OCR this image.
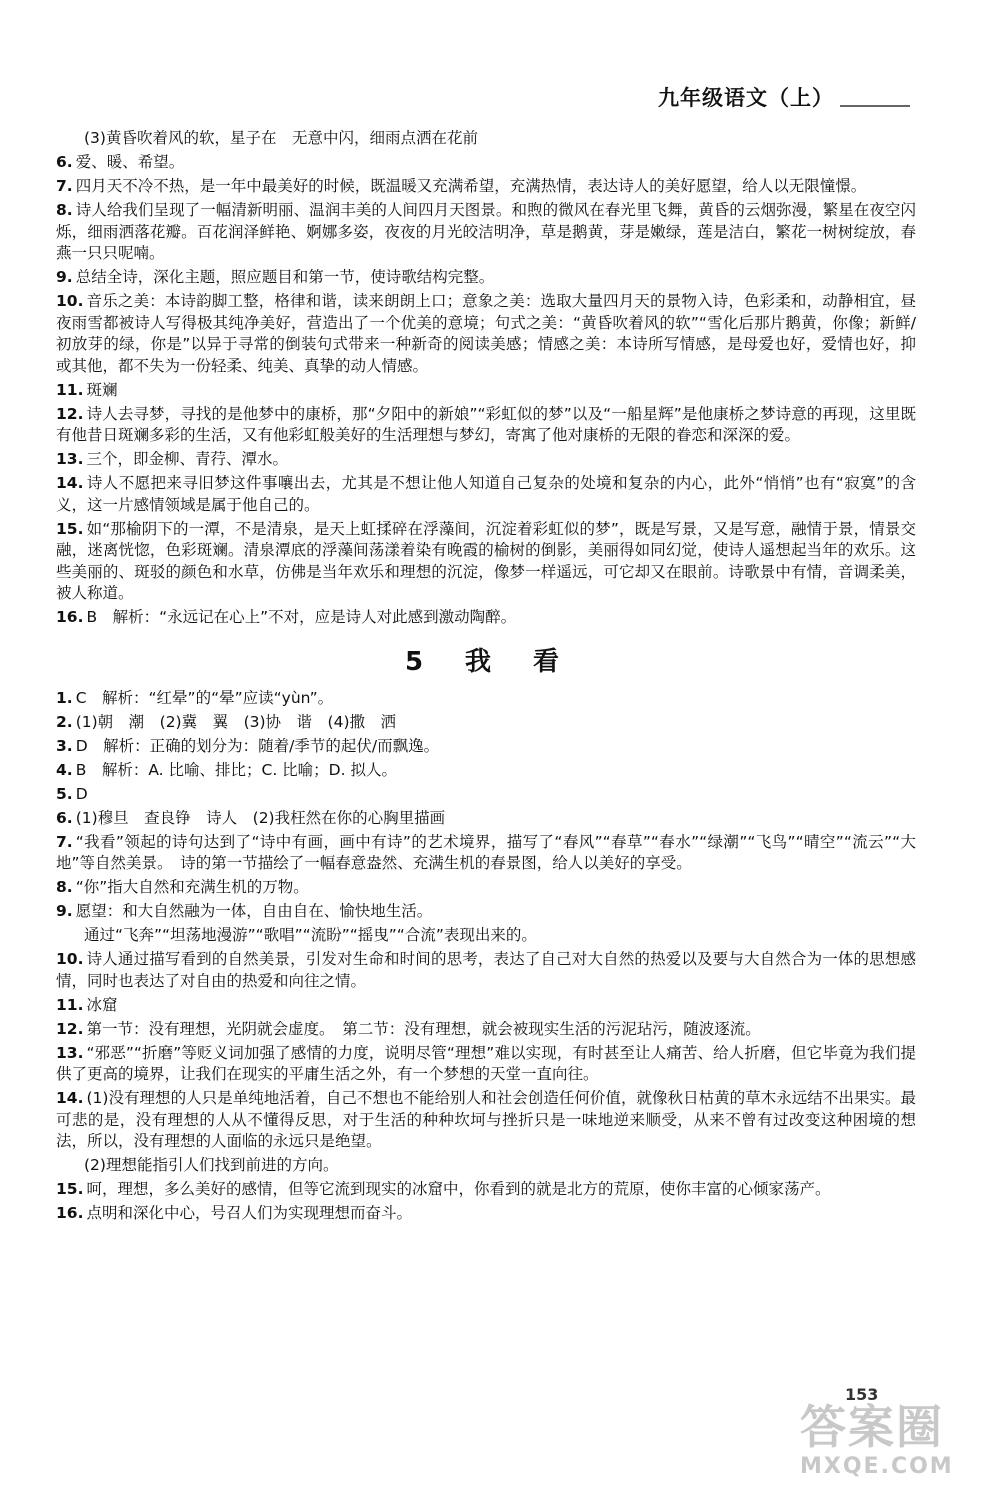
九年级语文（上）

(3)黄昏吹着风的软，星子在　无意中闪，细雨点洒在花前

6. 爱、暖、希望。

7. 四月天不冷不热，是一年中最美好的时候，既温暖又充满希望，充满热情，表达诗人的美好愿望，给人以无限憧憬。

8. 诗人给我们呈现了一幅清新明丽、温润丰美的人间四月天图景。和煦的微风在春光里飞舞，黄昏的云烟弥漫，繁星在夜空闪烁，细雨洒落花瓣。百花润泽鲜艳、婀娜多姿，夜夜的月光皎洁明净，草是鹅黄，芽是嫩绿，莲是洁白，繁花一树树绽放，春燕一只只呢喃。

9. 总结全诗，深化主题，照应题目和第一节，使诗歌结构完整。

10. 音乐之美：本诗韵脚工整，格律和谐，读来朗朗上口；意象之美：选取大量四月天的景物入诗，色彩柔和，动静相宜，昼夜雨雪都被诗人写得极其纯净美好，营造出了一个优美的意境；句式之美：“黄昏吹着风的软”“雪化后那片鹅黄，你像；新鲜/初放芽的绿，你是”以异于寻常的倒装句式带来一种新奇的阅读美感；情感之美：本诗所写情感，是母爱也好，爱情也好，抑或其他，都不失为一份轻柔、纯美、真挚的动人情感。

11. 斑斓

12. 诗人去寻梦，寻找的是他梦中的康桥，那“夕阳中的新娘”“彩虹似的梦”以及“一船星辉”是他康桥之梦诗意的再现，这里既有他昔日斑斓多彩的生活，又有他彩虹般美好的生活理想与梦幻，寄寓了他对康桥的无限的眷恋和深深的爱。

13. 三个，即金柳、青荇、潭水。

14. 诗人不愿把来寻旧梦这件事嚷出去，尤其是不想让他人知道自己复杂的处境和复杂的内心，此外“悄悄”也有“寂寞”的含义，这一片感情领域是属于他自己的。

15. 如“那榆阴下的一潭，不是清泉，是天上虹揉碎在浮藻间，沉淀着彩虹似的梦”，既是写景，又是写意，融情于景，情景交融，迷离恍惚，色彩斑斓。清泉潭底的浮藻间荡漾着染有晚霞的榆树的倒影，美丽得如同幻觉，使诗人遥想起当年的欢乐。这些美丽的、斑驳的颜色和水草，仿佛是当年欢乐和理想的沉淀，像梦一样遥远，可它却又在眼前。诗歌景中有情，音调柔美，被人称道。

16. B　解析：“永远记在心上”不对，应是诗人对此感到激动陶醉。

5　我　看

1. C　解析：“红晕”的“晕”应读“yùn”。

2. (1)朝　潮　(2)冀　翼　(3)协　谐　(4)撒　洒

3. D　解析：正确的划分为：随着/季节的起伏/而飘逸。

4. B　解析：A. 比喻、排比；C. 比喻；D. 拟人。

5. D

6. (1)穆旦　查良铮　诗人　(2)我枉然在你的心胸里描画

7. “我看”领起的诗句达到了“诗中有画，画中有诗”的艺术境界，描写了“春风”“春草”“春水”“绿潮”“飞鸟”“晴空”“流云”“大地”等自然美景。　诗的第一节描绘了一幅春意盎然、充满生机的春景图，给人以美好的享受。

8. “你”指大自然和充满生机的万物。

9. 愿望：和大自然融为一体，自由自在、愉快地生活。

通过“飞奔”“坦荡地漫游”“歌唱”“流盼”“摇曳”“合流”表现出来的。

10. 诗人通过描写看到的自然美景，引发对生命和时间的思考，表达了自己对大自然的热爱以及要与大自然合为一体的思想感情，同时也表达了对自由的热爱和向往之情。

11. 冰窟

12. 第一节：没有理想，光阴就会虚度。　第二节：没有理想，就会被现实生活的污泥玷污，随波逐流。

13. “邪恶”“折磨”等贬义词加强了感情的力度，说明尽管“理想”难以实现，有时甚至让人痛苦、给人折磨，但它毕竟为我们提供了更高的境界，让我们在现实的平庸生活之外，有一个梦想的天堂一直向往。

14. (1)没有理想的人只是单纯地活着，自己不想也不能给别人和社会创造任何价值，就像秋日枯黄的草木永远结不出果实。最可悲的是，没有理想的人从不懂得反思，对于生活的种种坎坷与挫折只是一味地逆来顺受，从来不曾有过改变这种困境的想法，所以，没有理想的人面临的永远只是绝望。

(2)理想能指引人们找到前进的方向。

15. 呵，理想，多么美好的感情，但等它流到现实的冰窟中，你看到的就是北方的荒原，使你丰富的心倾家荡产。

16. 点明和深化中心，号召人们为实现理想而奋斗。

153
答案圈
MXQE.COM
